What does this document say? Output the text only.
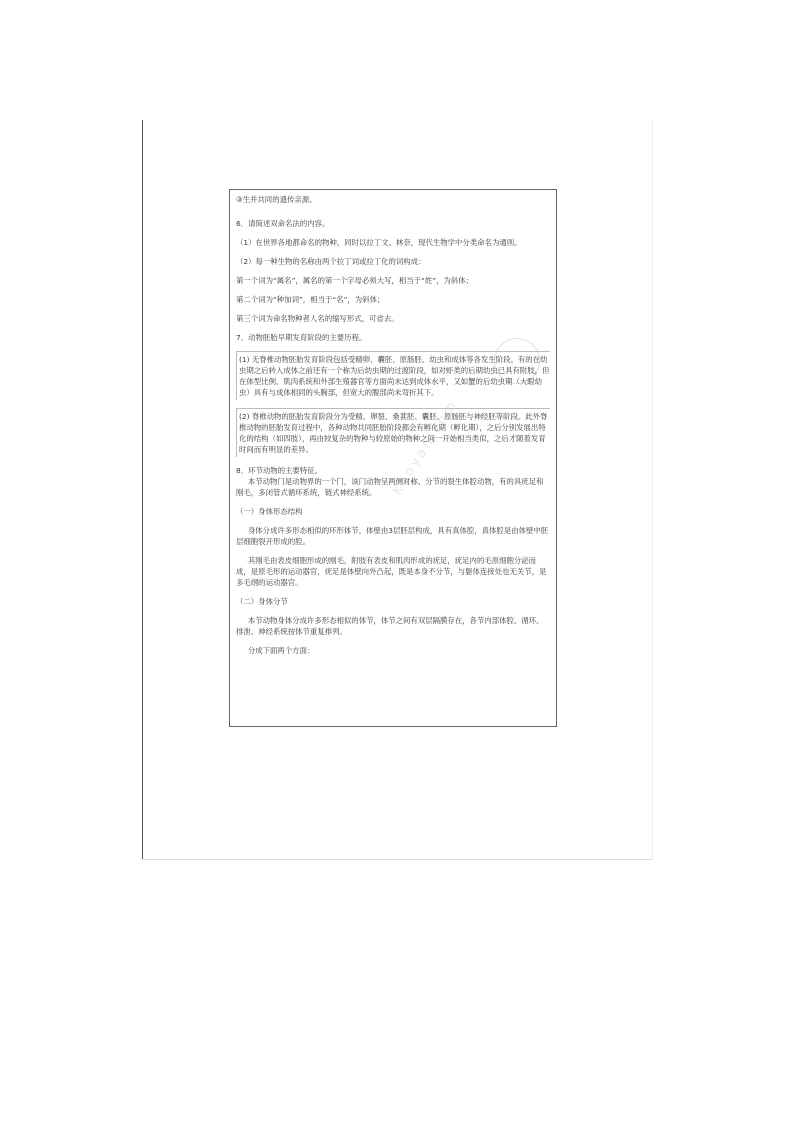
Kaoyan.com

③生并共同的遗传亲源。

6．请简述双命名法的内容。

（1）在世界各地都命名的物种，同时以拉丁文、林奈，现代生物学中分类命名为通则。

（2）每一种生物的名称由两个拉丁词或拉丁化的词构成：

第一个词为“属名”，属名的第一个字母必须大写，相当于“姓”，为斜体；

第二个词为“种加词”，相当于“名”，为斜体；

第三个词为命名物种者人名的缩写形式，可省去。

7．动物胚胎早期发育阶段的主要历程。

(1) 无脊椎动物胚胎发育阶段包括受精卵、囊胚、原肠胚、幼虫和成体等各发生阶段。有的在幼虫期之后转入成体之前还有一个称为后幼虫期的过渡阶段，如对虾类的后期幼虫已具有附肢，但在体型比例、肌肉系统和外部生殖器官等方面尚未达到成体水平，又如蟹的后幼虫期（大眼幼虫）具有与成体相同的头胸部，但宽大的腹部尚未弯折其下。

(2) 脊椎动物的胚胎发育阶段分为受精、卵裂、桑葚胚、囊胚、原肠胚与神经胚等阶段。此外脊椎动物的胚胎发育过程中，各种动物共同胚胎阶段都会有孵化期（孵化期），之后分别发展出特化的结构（如四肢），再由较复杂的物种与较原始的物种之间一开始相当类似，之后才随着发育时间而有明显的差异。

8．环节动物的主要特征。

本节动物门是动物界的一个门，该门动物呈两侧对称、分节的裂生体腔动物，有的具疣足和刚毛，多闭管式循环系统，链式神经系统。

（一）身体形态结构

身体分成许多形态相似的环形体节，体壁由3层胚层构成，具有真体腔，真体腔是由体壁中胚层细胞裂开形成的腔。

其刚毛由表皮细胞形成的刚毛，附肢有表皮和肌肉形成的疣足，疣足内的毛原细胞分泌而成，是原毛形的运动器官，疣足是体壁向外凸起，既是本身不分节，与躯体连接处也无关节，是多毛纲的运动器官。

（二）身体分节

本节动物身体分成许多形态相似的体节，体节之间有双层隔膜存在，各节内部体腔、循环、排泄、神经系统按体节重复排列。

分成下面两个方面：
